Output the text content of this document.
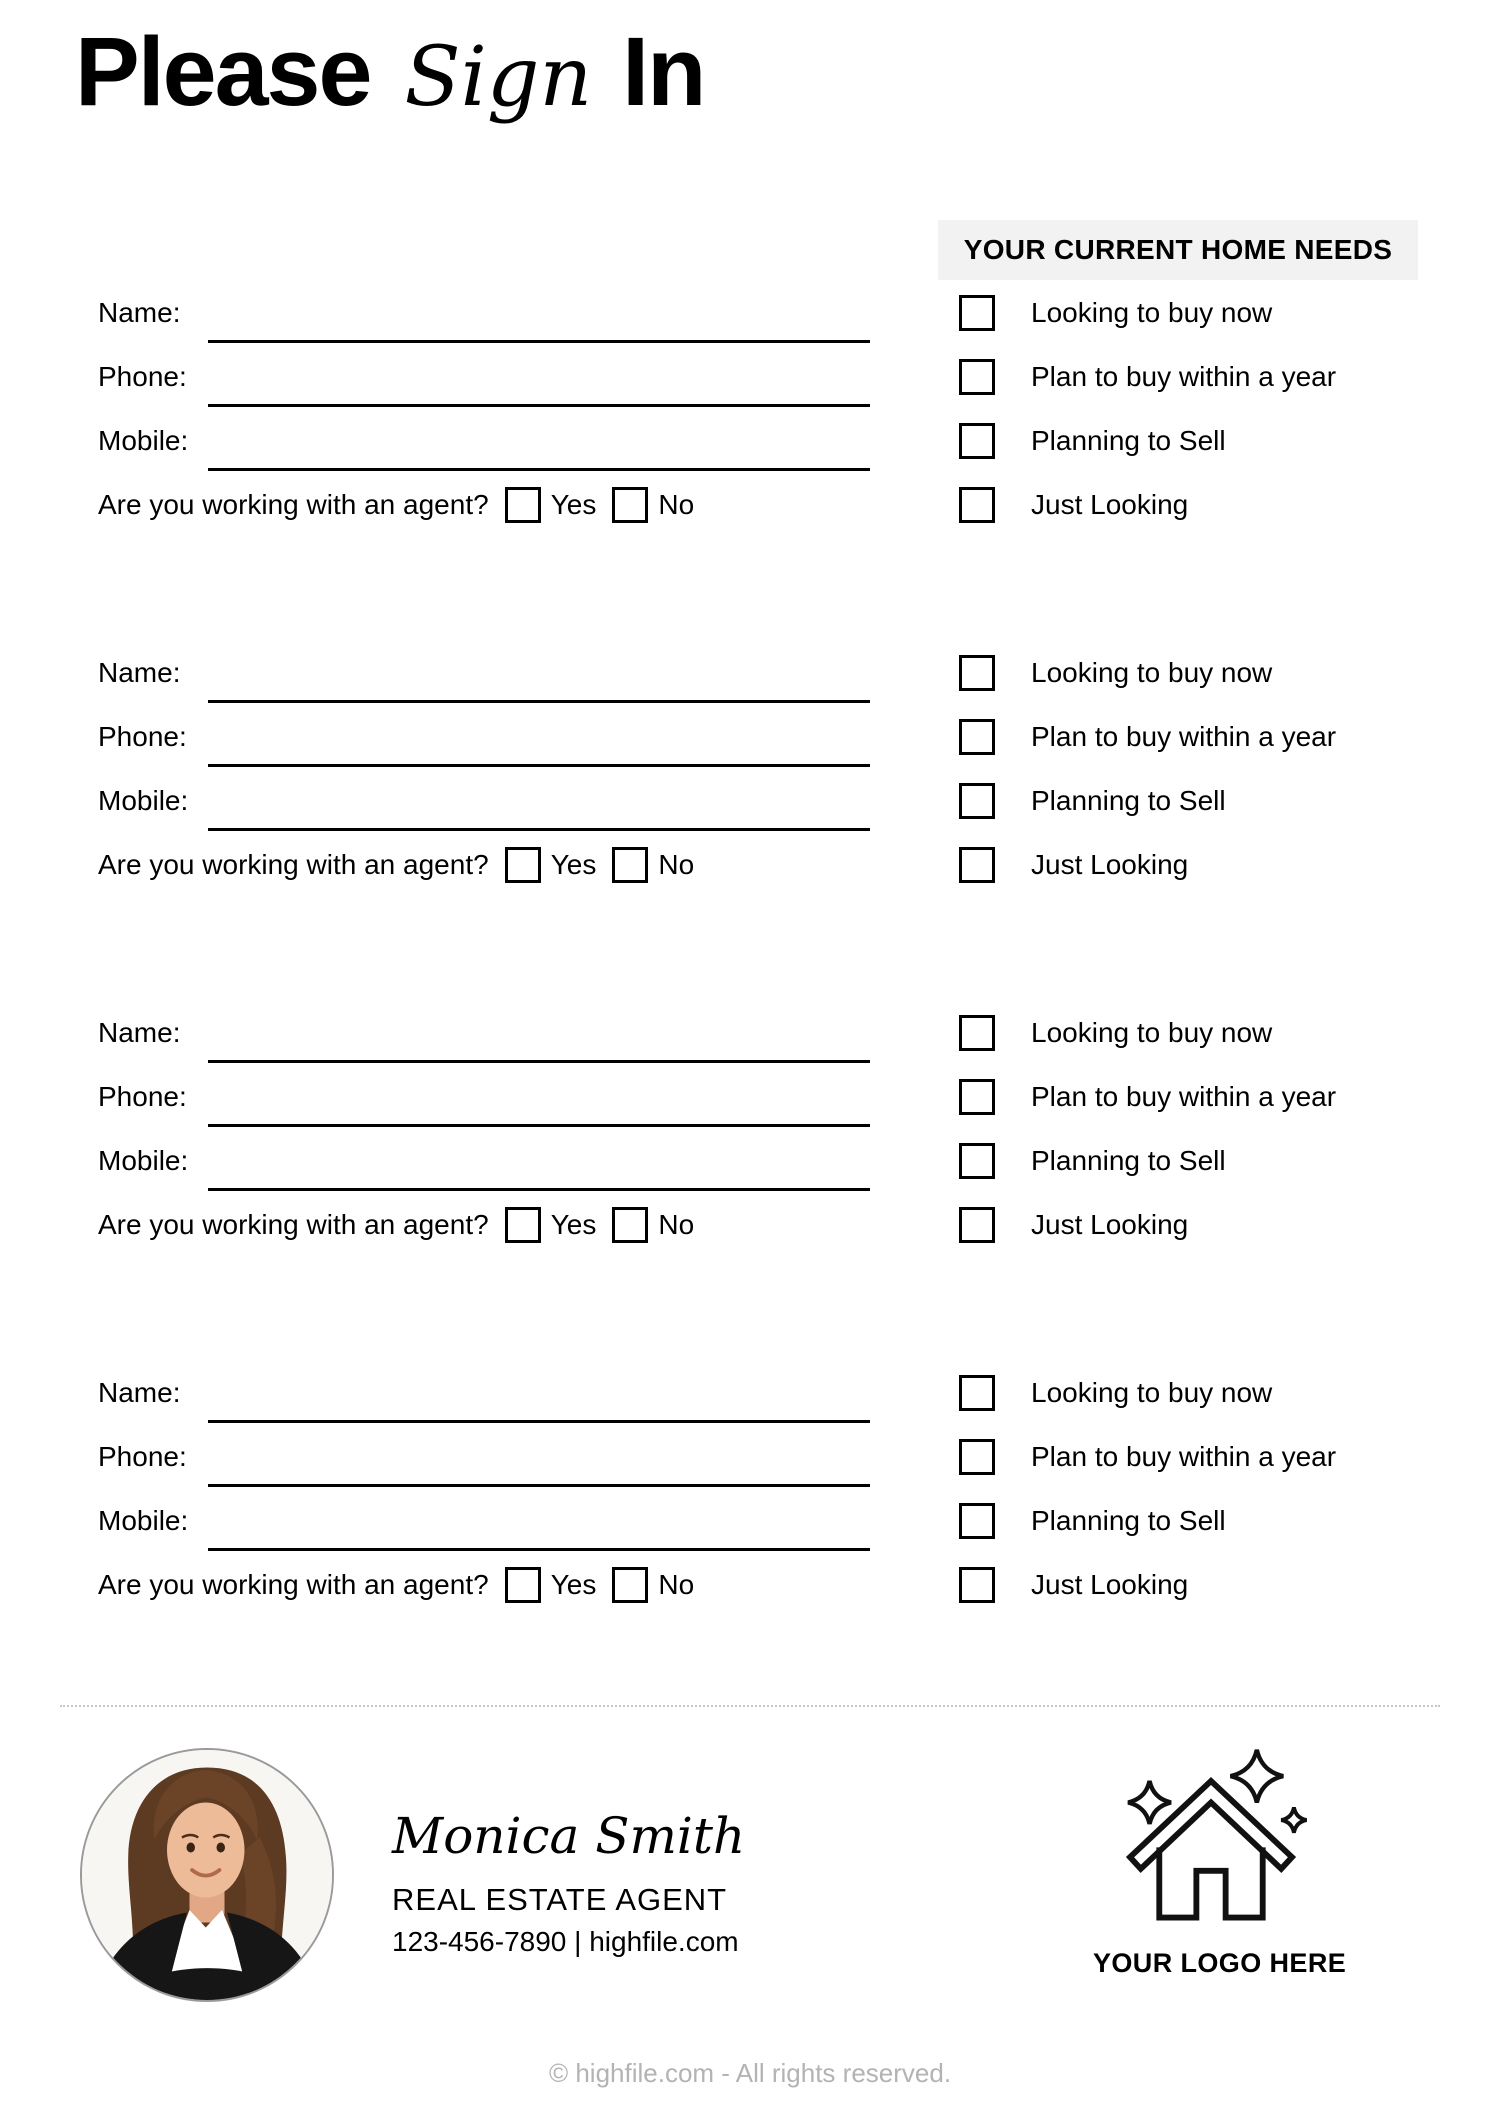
Please Sign In
YOUR CURRENT HOME NEEDS
Name:
Phone:
Mobile:
Are you working with an agent? Yes No
Looking to buy now
Plan to buy within a year
Planning to Sell
Just Looking
Name:
Phone:
Mobile:
Are you working with an agent? Yes No
Looking to buy now
Plan to buy within a year
Planning to Sell
Just Looking
Name:
Phone:
Mobile:
Are you working with an agent? Yes No
Looking to buy now
Plan to buy within a year
Planning to Sell
Just Looking
Name:
Phone:
Mobile:
Are you working with an agent? Yes No
Looking to buy now
Plan to buy within a year
Planning to Sell
Just Looking
Monica Smith
REAL ESTATE AGENT
123-456-7890 | highfile.com
YOUR LOGO HERE
© highfile.com - All rights reserved.
